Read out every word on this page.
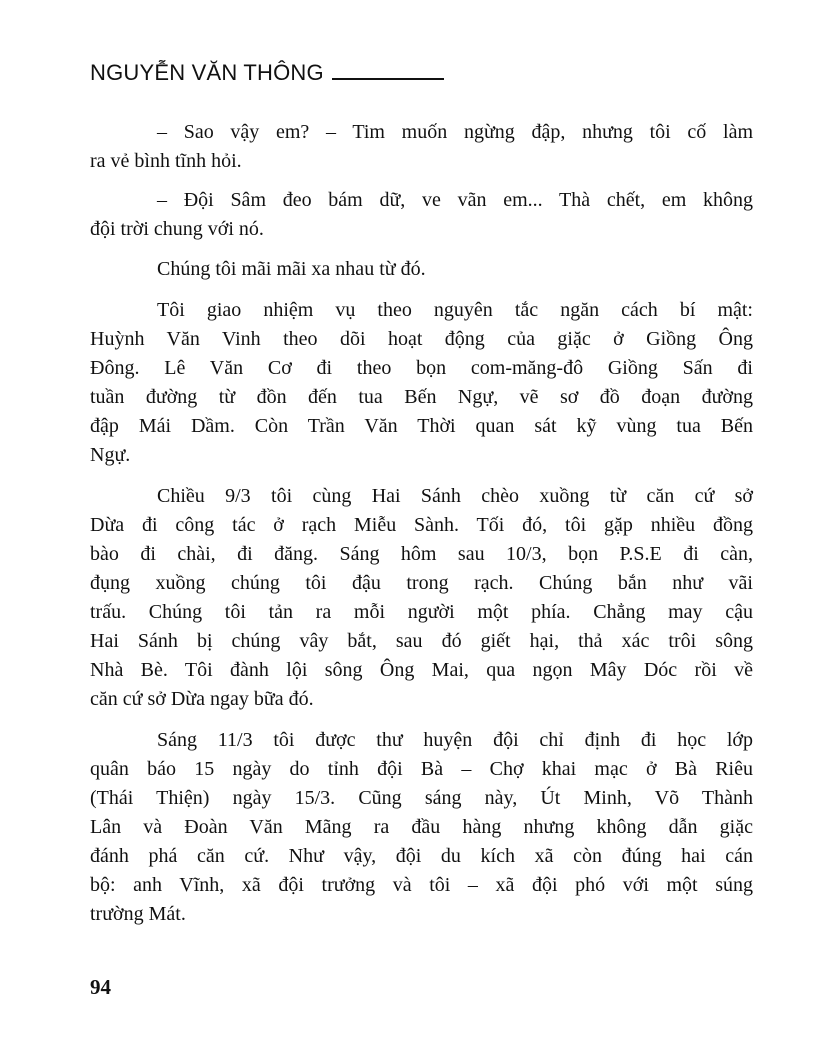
NGUYỄN VĂN THÔNG
– Sao vậy em? – Tim muốn ngừng đập, nhưng tôi cố làm
ra vẻ bình tĩnh hỏi.
– Đội Sâm đeo bám dữ, ve vãn em... Thà chết, em không
đội trời chung với nó.
Chúng tôi mãi mãi xa nhau từ đó.
Tôi giao nhiệm vụ theo nguyên tắc ngăn cách bí mật:
Huỳnh Văn Vinh theo dõi hoạt động của giặc ở Giồng Ông
Đông. Lê Văn Cơ đi theo bọn com-măng-đô Giồng Sấn đi
tuần đường từ đồn đến tua Bến Ngự, vẽ sơ đồ đoạn đường
đập Mái Dầm. Còn Trần Văn Thời quan sát kỹ vùng tua Bến
Ngự.
Chiều 9/3 tôi cùng Hai Sánh chèo xuồng từ căn cứ sở
Dừa đi công tác ở rạch Miễu Sành. Tối đó, tôi gặp nhiều đồng
bào đi chài, đi đăng. Sáng hôm sau 10/3, bọn P.S.E đi càn,
đụng xuồng chúng tôi đậu trong rạch. Chúng bắn như vãi
trấu. Chúng tôi tản ra mỗi người một phía. Chẳng may cậu
Hai Sánh bị chúng vây bắt, sau đó giết hại, thả xác trôi sông
Nhà Bè. Tôi đành lội sông Ông Mai, qua ngọn Mây Dóc rồi về
căn cứ sở Dừa ngay bữa đó.
Sáng 11/3 tôi được thư huyện đội chỉ định đi học lớp
quân báo 15 ngày do tỉnh đội Bà – Chợ khai mạc ở Bà Riêu
(Thái Thiện) ngày 15/3. Cũng sáng này, Út Minh, Võ Thành
Lân và Đoàn Văn Mãng ra đầu hàng nhưng không dẫn giặc
đánh phá căn cứ. Như vậy, đội du kích xã còn đúng hai cán
bộ: anh Vĩnh, xã đội trưởng và tôi – xã đội phó với một súng
trường Mát.
94
